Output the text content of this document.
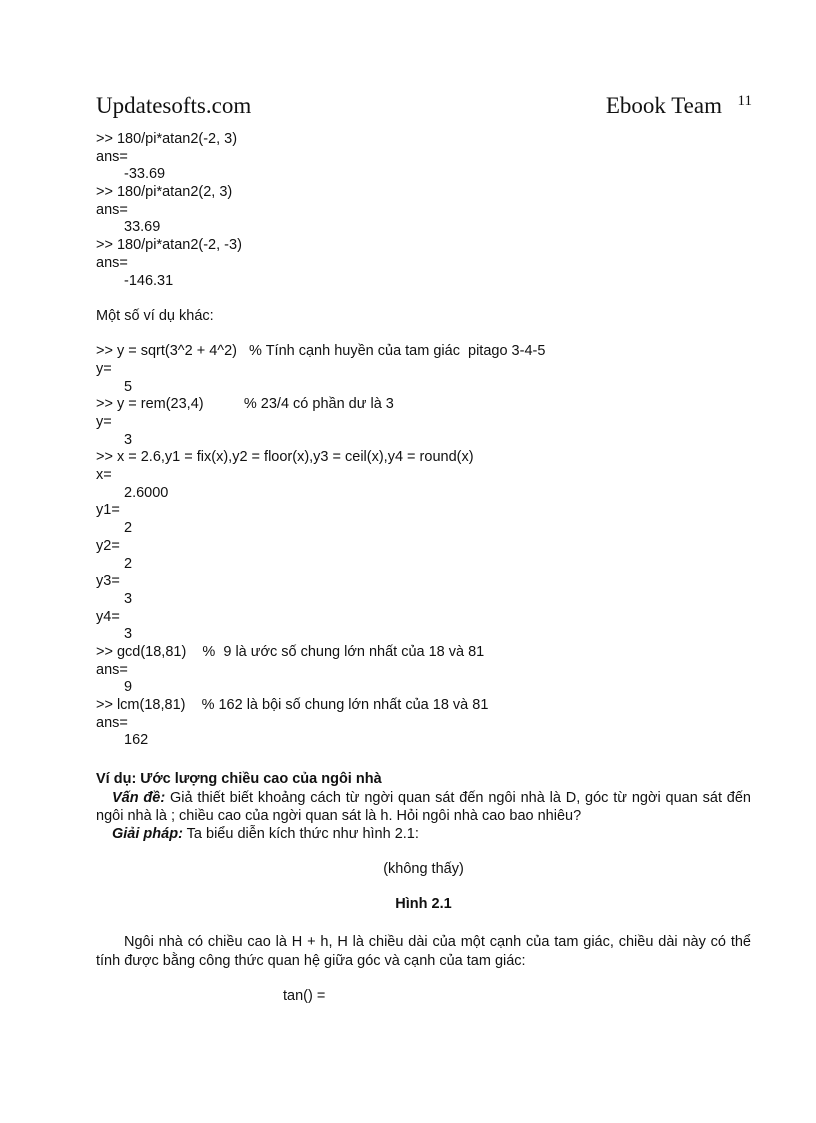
Updatesofts.com	Ebook Team 11
>> 180/pi*atan2(-2, 3)
ans=
-33.69
>> 180/pi*atan2(2, 3)
ans=
33.69
>> 180/pi*atan2(-2, -3)
ans=
-146.31
Một số ví dụ khác:
>> y = sqrt(3^2 + 4^2)   % Tính cạnh huyền của tam giác  pitago 3-4-5
y=
5
>> y = rem(23,4)          % 23/4 có phần dư là 3
y=
3
>> x = 2.6,y1 = fix(x),y2 = floor(x),y3 = ceil(x),y4 = round(x)
x=
2.6000
y1=
2
y2=
2
y3=
3
y4=
3
>> gcd(18,81)    %  9 là ước số chung lớn nhất của 18 và 81
ans=
9
>> lcm(18,81)    % 162 là bội số chung lớn nhất của 18 và 81
ans=
162
Ví dụ: Ước lượng chiều cao của ngôi nhà
Vấn đề: Giả thiết biết khoảng cách từ ngời quan sát đến ngôi nhà là D, góc từ ngời quan sát đến ngôi nhà là ; chiều cao của ngời quan sát là h. Hỏi ngôi nhà cao bao nhiêu?
Giải pháp: Ta biểu diễn kích thức như hình 2.1:
(không thấy)
Hình 2.1
Ngôi nhà có chiều cao là H + h, H là chiều dài của một cạnh của tam giác, chiều dài này có thể tính được bằng công thức quan hệ giữa góc và cạnh của tam giác:
tan() =
